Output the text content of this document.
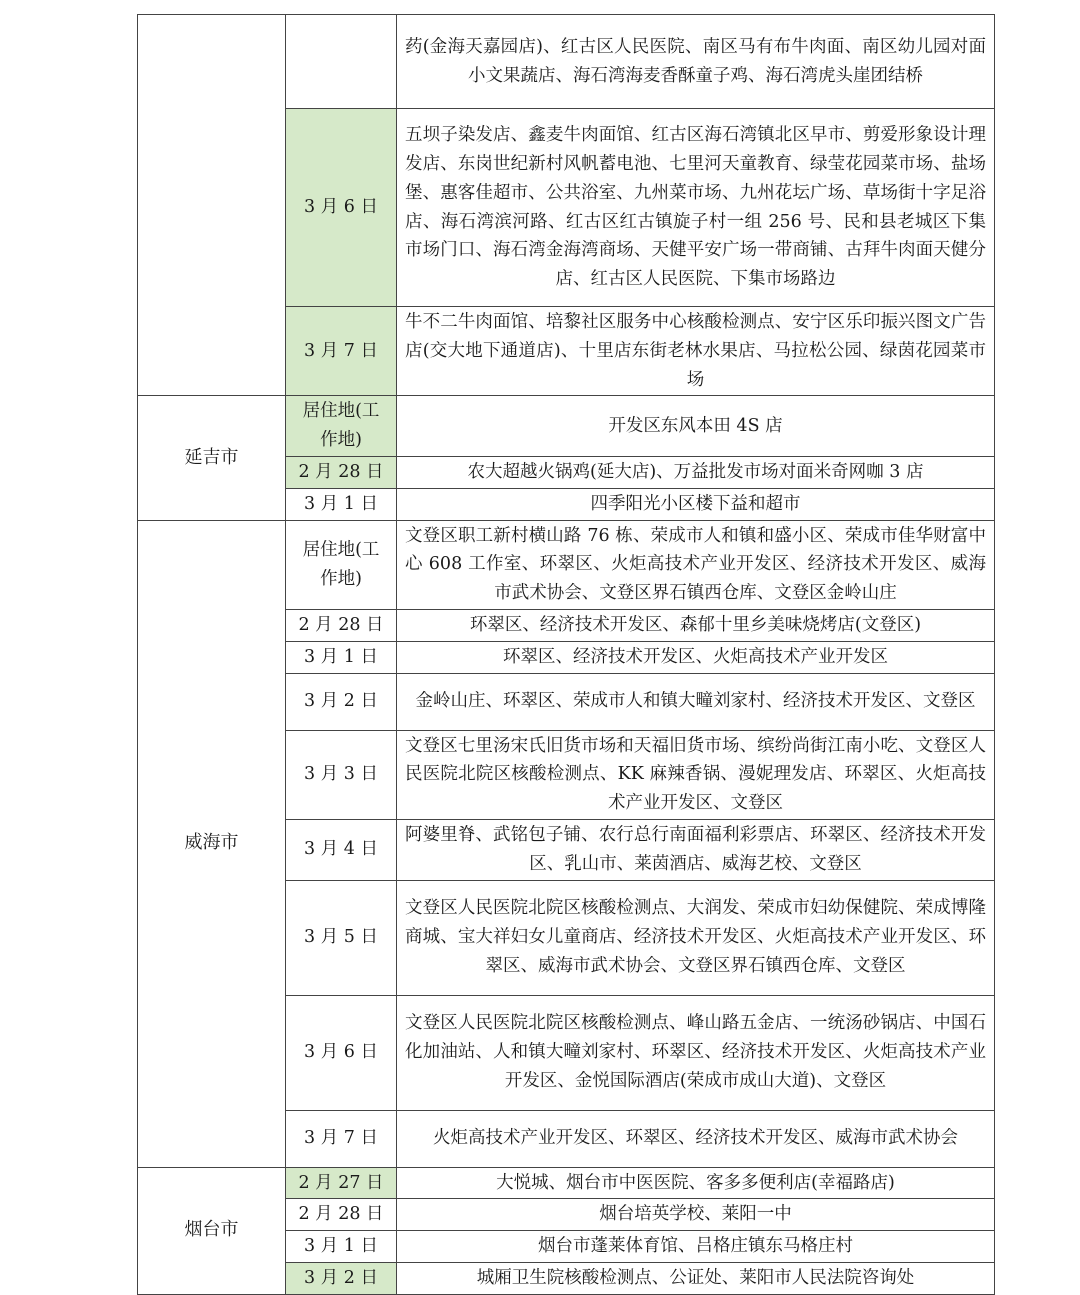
		药(金海天嘉园店)、红古区人民医院、南区马有布牛肉面、南区幼儿园对面小文果蔬店、海石湾海麦香酥童子鸡、海石湾虎头崖团结桥
	3 月 6 日	五坝子染发店、鑫麦牛肉面馆、红古区海石湾镇北区早市、剪爱形象设计理发店、东岗世纪新村风帆蓄电池、七里河天童教育、绿莹花园菜市场、盐场堡、惠客佳超市、公共浴室、九州菜市场、九州花坛广场、草场街十字足浴店、海石湾滨河路、红古区红古镇旋子村一组 256 号、民和县老城区下集市场门口、海石湾金海湾商场、天健平安广场一带商铺、古拜牛肉面天健分店、红古区人民医院、下集市场路边
	3 月 7 日	牛不二牛肉面馆、培黎社区服务中心核酸检测点、安宁区乐印振兴图文广告店(交大地下通道店)、十里店东街老林水果店、马拉松公园、绿茵花园菜市场
延吉市	居住地(工作地)	开发区东风本田 4S 店
	2 月 28 日	农大超越火锅鸡(延大店)、万益批发市场对面米奇网咖 3 店
	3 月 1 日	四季阳光小区楼下益和超市
威海市	居住地(工作地)	文登区职工新村横山路 76 栋、荣成市人和镇和盛小区、荣成市佳华财富中心 608 工作室、环翠区、火炬高技术产业开发区、经济技术开发区、威海市武术协会、文登区界石镇西仓库、文登区金岭山庄
	2 月 28 日	环翠区、经济技术开发区、森郁十里乡美味烧烤店(文登区)
	3 月 1 日	环翠区、经济技术开发区、火炬高技术产业开发区
	3 月 2 日	金岭山庄、环翠区、荣成市人和镇大疃刘家村、经济技术开发区、文登区
	3 月 3 日	文登区七里汤宋氏旧货市场和天福旧货市场、缤纷尚街江南小吃、文登区人民医院北院区核酸检测点、KK 麻辣香锅、漫妮理发店、环翠区、火炬高技术产业开发区、文登区
	3 月 4 日	阿婆里脊、武铭包子铺、农行总行南面福利彩票店、环翠区、经济技术开发区、乳山市、莱茵酒店、威海艺校、文登区
	3 月 5 日	文登区人民医院北院区核酸检测点、大润发、荣成市妇幼保健院、荣成博隆商城、宝大祥妇女儿童商店、经济技术开发区、火炬高技术产业开发区、环翠区、威海市武术协会、文登区界石镇西仓库、文登区
	3 月 6 日	文登区人民医院北院区核酸检测点、峰山路五金店、一统汤砂锅店、中国石化加油站、人和镇大疃刘家村、环翠区、经济技术开发区、火炬高技术产业开发区、金悦国际酒店(荣成市成山大道)、文登区
	3 月 7 日	火炬高技术产业开发区、环翠区、经济技术开发区、威海市武术协会
烟台市	2 月 27 日	大悦城、烟台市中医医院、客多多便利店(幸福路店)
	2 月 28 日	烟台培英学校、莱阳一中
	3 月 1 日	烟台市蓬莱体育馆、吕格庄镇东马格庄村
	3 月 2 日	城厢卫生院核酸检测点、公证处、莱阳市人民法院咨询处
